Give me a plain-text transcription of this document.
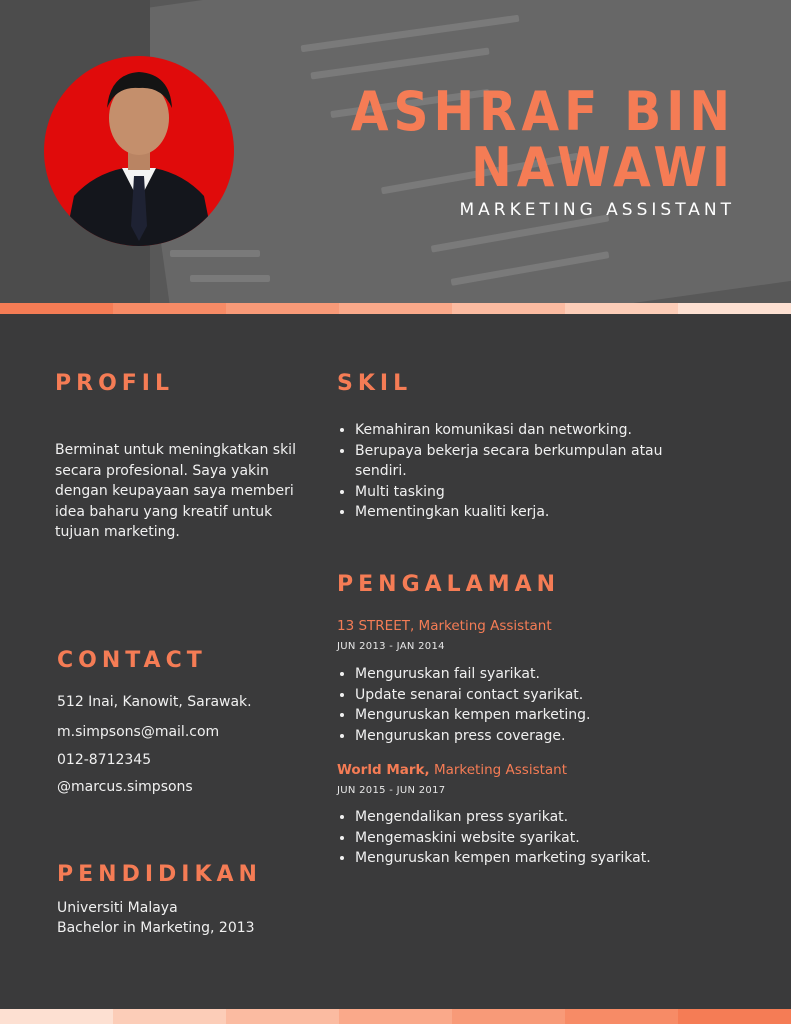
ASHRAF BIN
NAWAWI
MARKETING ASSISTANT
PROFIL
Berminat untuk meningkatkan skil secara profesional. Saya yakin dengan keupayaan saya memberi idea baharu yang kreatif untuk tujuan marketing.
CONTACT
512 Inai, Kanowit, Sarawak.
m.simpsons@mail.com
012-8712345
@marcus.simpsons
PENDIDIKAN
Universiti Malaya
Bachelor in Marketing, 2013
SKIL
• Kemahiran komunikasi dan networking.
• Berupaya bekerja secara berkumpulan atau sendiri.
• Multi tasking
• Mementingkan kualiti kerja.
PENGALAMAN
13 STREET, Marketing Assistant
JUN 2013 - JAN 2014
• Menguruskan fail syarikat.
• Update senarai contact syarikat.
• Menguruskan kempen marketing.
• Menguruskan press coverage.
World Mark, Marketing Assistant
JUN 2015 - JUN 2017
• Mengendalikan press syarikat.
• Mengemaskini website syarikat.
• Menguruskan kempen marketing syarikat.
